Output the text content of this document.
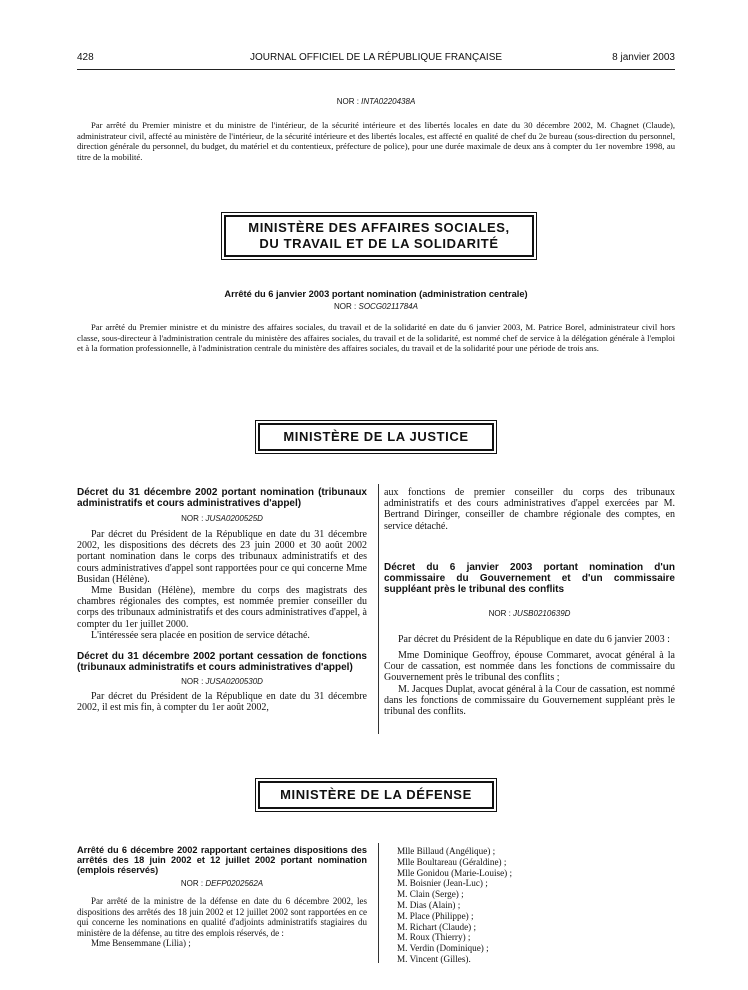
428	JOURNAL OFFICIEL DE LA RÉPUBLIQUE FRANÇAISE	8 janvier 2003
NOR : INTA0220438A

Par arrêté du Premier ministre et du ministre de l'intérieur, de la sécurité intérieure et des libertés locales en date du 30 décembre 2002, M. Chagnet (Claude), administrateur civil, affecté au ministère de l'intérieur, de la sécurité intérieure et des libertés locales, est affecté en qualité de chef du 2e bureau (sous-direction du personnel, direction générale du personnel, du budget, du matériel et du contentieux, préfecture de police), pour une durée maximale de deux ans à compter du 1er novembre 1998, au titre de la mobilité.

MINISTÈRE DES AFFAIRES SOCIALES,
DU TRAVAIL ET DE LA SOLIDARITÉ
Arrêté du 6 janvier 2003 portant nomination (administration centrale)
NOR : SOCG0211784A

Par arrêté du Premier ministre et du ministre des affaires sociales, du travail et de la solidarité en date du 6 janvier 2003, M. Patrice Borel, administrateur civil hors classe, sous-directeur à l'administration centrale du ministère des affaires sociales, du travail et de la solidarité, est nommé chef de service à la délégation générale à l'emploi et à la formation professionnelle, à l'administration centrale du ministère des affaires sociales, du travail et de la solidarité pour une période de trois ans.

MINISTÈRE DE LA JUSTICE

Décret du 31 décembre 2002 portant nomination (tribunaux administratifs et cours administratives d'appel)

NOR : JUSA0200525D

Par décret du Président de la République en date du 31 décembre 2002, les dispositions des décrets des 23 juin 2000 et 30 août 2002 portant nomination dans le corps des tribunaux administratifs et des cours administratives d'appel sont rapportées pour ce qui concerne Mme Busidan (Hélène).

Mme Busidan (Hélène), membre du corps des magistrats des chambres régionales des comptes, est nommée premier conseiller du corps des tribunaux administratifs et des cours administratives d'appel, à compter du 1er juillet 2000.

L'intéressée sera placée en position de service détaché.

Décret du 31 décembre 2002 portant cessation de fonctions (tribunaux administratifs et cours administratives d'appel)

NOR : JUSA0200530D

Par décret du Président de la République en date du 31 décembre 2002, il est mis fin, à compter du 1er août 2002,

aux fonctions de premier conseiller du corps des tribunaux administratifs et des cours administratives d'appel exercées par M. Bertrand Diringer, conseiller de chambre régionale des comptes, en service détaché.

Décret du 6 janvier 2003 portant nomination d'un commissaire du Gouvernement et d'un commissaire suppléant près le tribunal des conflits

NOR : JUSB0210639D

Par décret du Président de la République en date du 6 janvier 2003 :

Mme Dominique Geoffroy, épouse Commaret, avocat général à la Cour de cassation, est nommée dans les fonctions de commissaire du Gouvernement près le tribunal des conflits ;

M. Jacques Duplat, avocat général à la Cour de cassation, est nommé dans les fonctions de commissaire du Gouvernement suppléant près le tribunal des conflits.

MINISTÈRE DE LA DÉFENSE

Arrêté du 6 décembre 2002 rapportant certaines dispositions des arrêtés des 18 juin 2002 et 12 juillet 2002 portant nomination (emplois réservés)

NOR : DEFP0202562A

Par arrêté de la ministre de la défense en date du 6 décembre 2002, les dispositions des arrêtés des 18 juin 2002 et 12 juillet 2002 sont rapportées en ce qui concerne les nominations en qualité d'adjoints administratifs stagiaires du ministère de la défense, au titre des emplois réservés, de :

Mme Bensemmane (Lilia) ;

Mlle Billaud (Angélique) ;
Mlle Boultareau (Géraldine) ;
Mlle Gonidou (Marie-Louise) ;
M. Boisnier (Jean-Luc) ;
M. Clain (Serge) ;
M. Dias (Alain) ;
M. Place (Philippe) ;
M. Richart (Claude) ;
M. Roux (Thierry) ;
M. Verdin (Dominique) ;
M. Vincent (Gilles).
